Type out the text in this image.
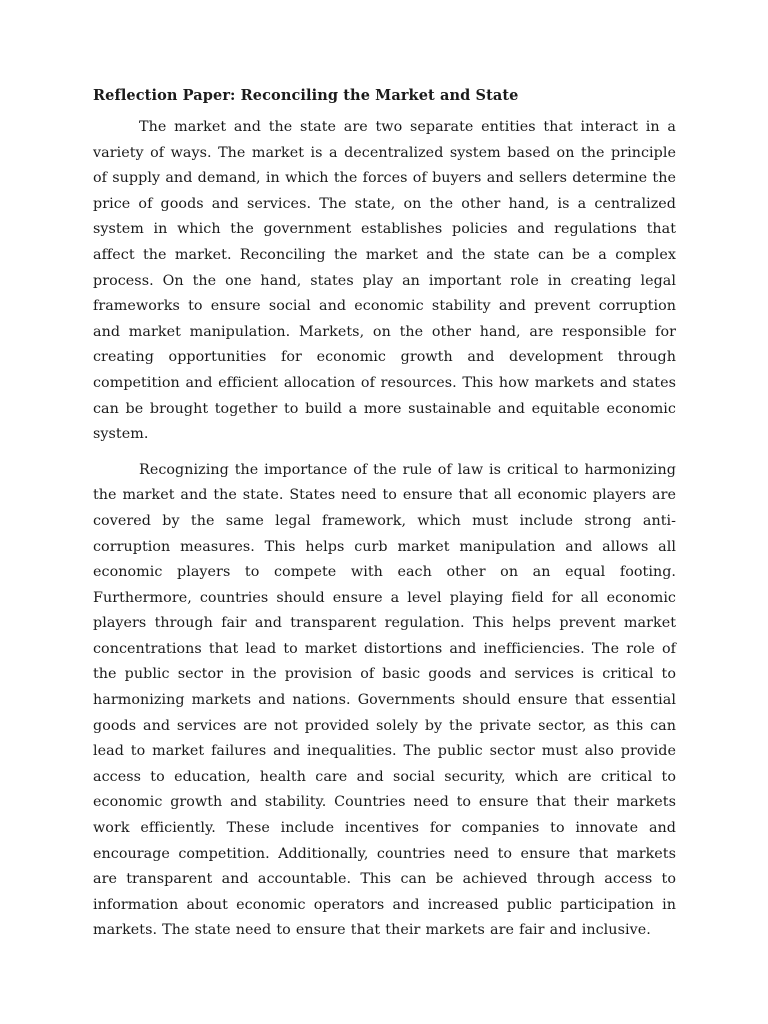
Reflection Paper: Reconciling the Market and State

The market and the state are two separate entities that interact in a variety of ways. The market is a decentralized system based on the principle of supply and demand, in which the forces of buyers and sellers determine the price of goods and services. The state, on the other hand, is a centralized system in which the government establishes policies and regulations that affect the market. Reconciling the market and the state can be a complex process. On the one hand, states play an important role in creating legal frameworks to ensure social and economic stability and prevent corruption and market manipulation. Markets, on the other hand, are responsible for creating opportunities for economic growth and development through competition and efficient allocation of resources. This how markets and states can be brought together to build a more sustainable and equitable economic system.

Recognizing the importance of the rule of law is critical to harmonizing the market and the state. States need to ensure that all economic players are covered by the same legal framework, which must include strong anti-corruption measures. This helps curb market manipulation and allows all economic players to compete with each other on an equal footing. Furthermore, countries should ensure a level playing field for all economic players through fair and transparent regulation. This helps prevent market concentrations that lead to market distortions and inefficiencies. The role of the public sector in the provision of basic goods and services is critical to harmonizing markets and nations. Governments should ensure that essential goods and services are not provided solely by the private sector, as this can lead to market failures and inequalities. The public sector must also provide access to education, health care and social security, which are critical to economic growth and stability. Countries need to ensure that their markets work efficiently. These include incentives for companies to innovate and encourage competition. Additionally, countries need to ensure that markets are transparent and accountable. This can be achieved through access to information about economic operators and increased public participation in markets. The state need to ensure that their markets are fair and inclusive.
